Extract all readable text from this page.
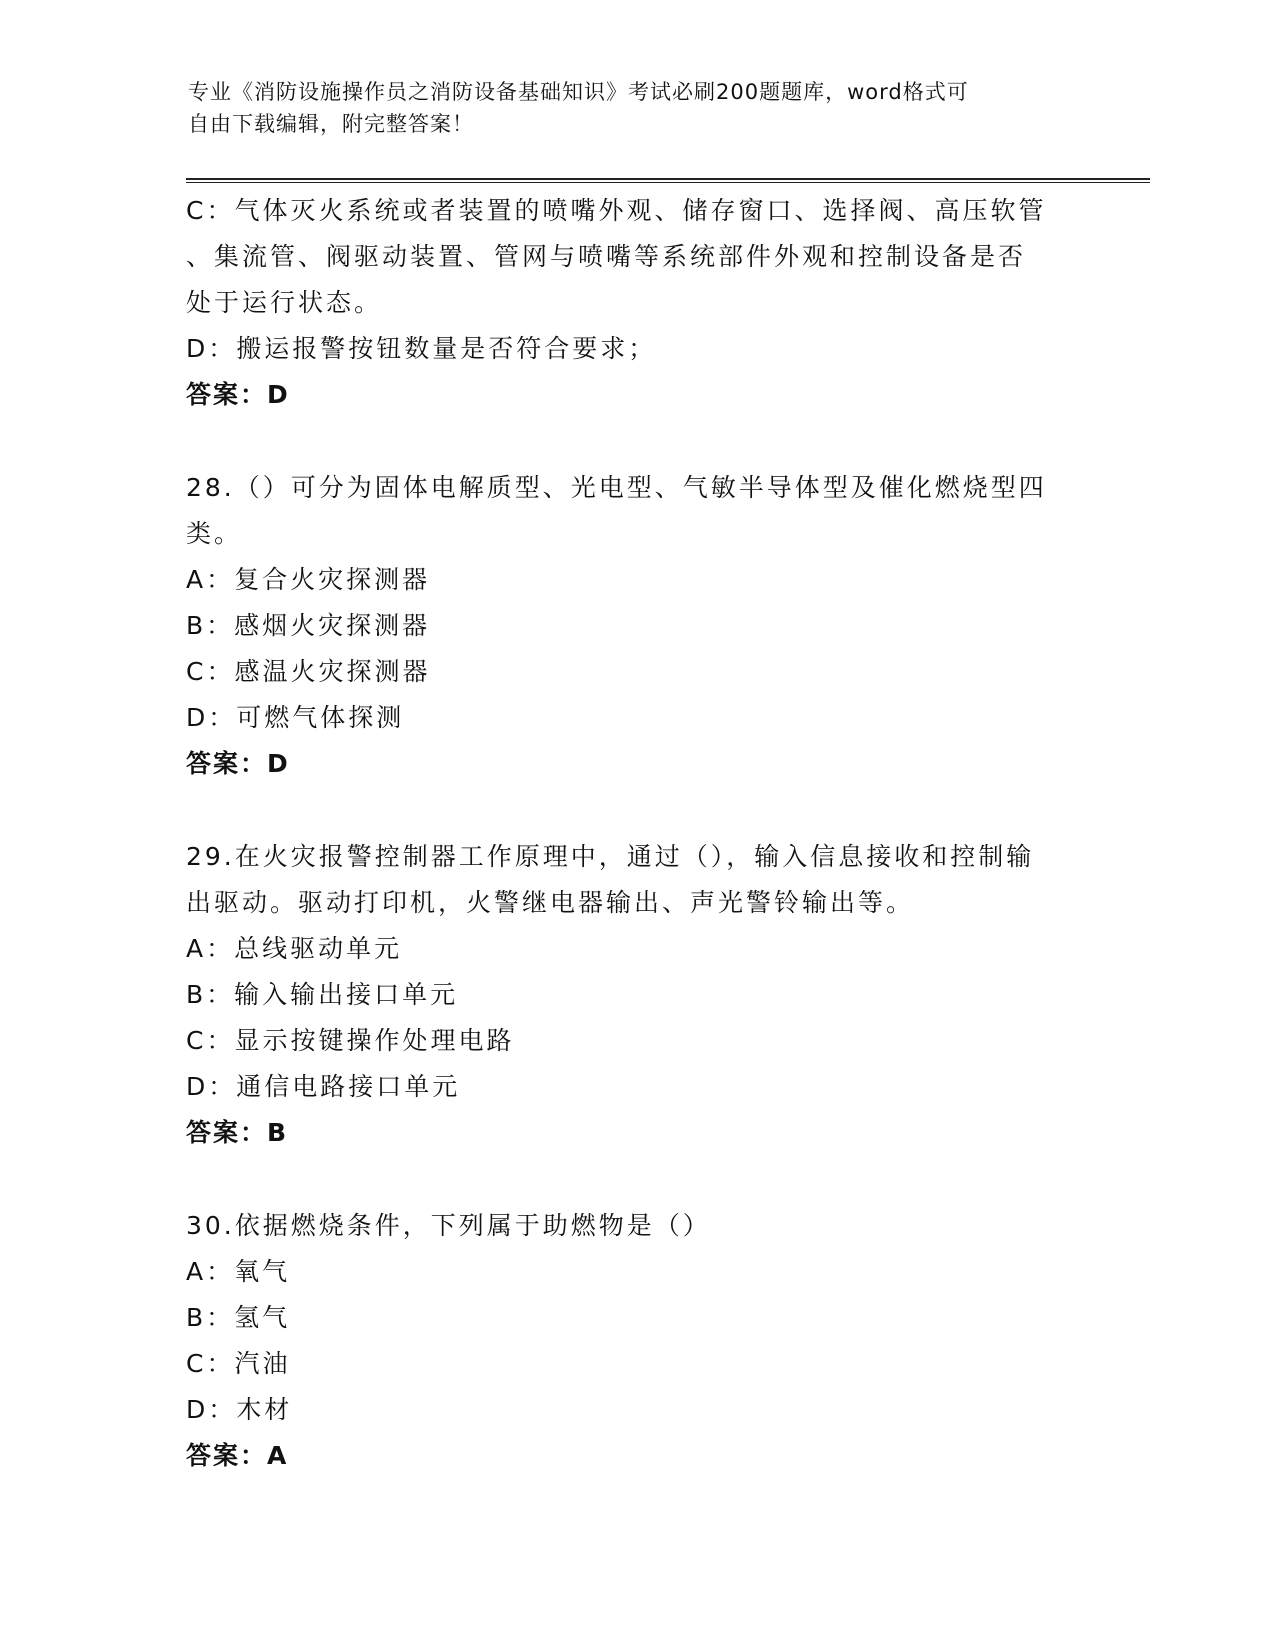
专业《消防设施操作员之消防设备基础知识》考试必刷200题题库，word格式可
自由下载编辑，附完整答案！
C：气体灭火系统或者装置的喷嘴外观、储存窗口、选择阀、高压软管
、集流管、阀驱动装置、管网与喷嘴等系统部件外观和控制设备是否
处于运行状态。
D：搬运报警按钮数量是否符合要求；
答案：D
28.（）可分为固体电解质型、光电型、气敏半导体型及催化燃烧型四
类。
A：复合火灾探测器
B：感烟火灾探测器
C：感温火灾探测器
D：可燃气体探测
答案：D
29.在火灾报警控制器工作原理中，通过（），输入信息接收和控制输
出驱动。驱动打印机，火警继电器输出、声光警铃输出等。
A：总线驱动单元
B：输入输出接口单元
C：显示按键操作处理电路
D：通信电路接口单元
答案：B
30.依据燃烧条件，下列属于助燃物是（）
A：氧气
B：氢气
C：汽油
D：木材
答案：A
